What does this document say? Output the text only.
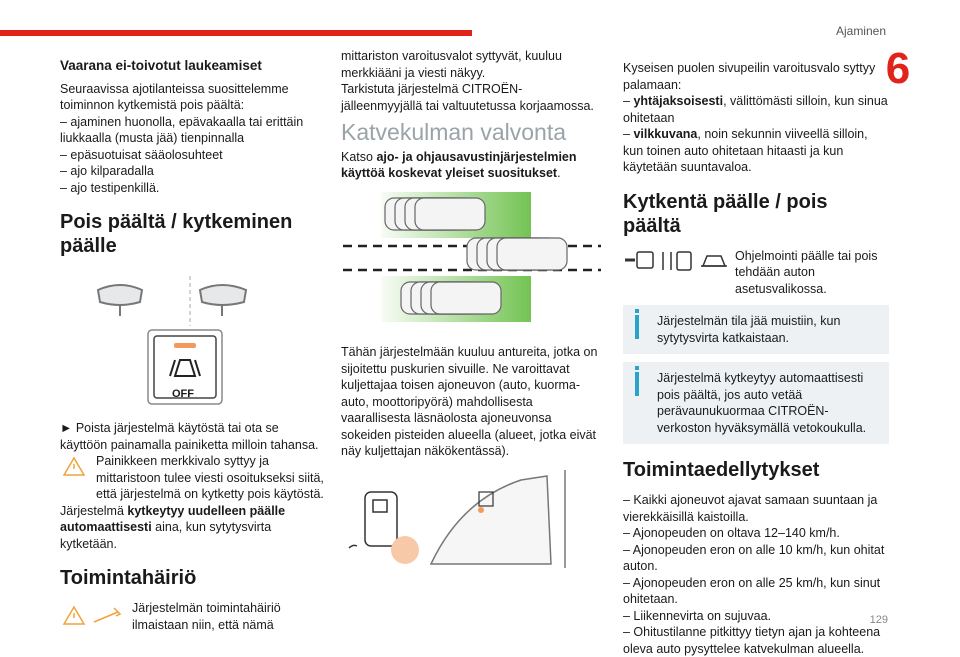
Ajaminen
6
129
Vaarana ei-toivotut laukeamiset

Seuraavissa ajotilanteissa suosittelemme toiminnon kytkemistä pois päältä:

– ajaminen huonolla, epävakaalla tai erittäin liukkaalla (musta jää) tienpinnalla

– epäsuotuisat sääolosuhteet

– ajo kilparadalla

– ajo testipenkillä.

Pois päältä / kytkeminen päälle
OFF

► Poista järjestelmä käytöstä tai ota se käyttöön painamalla painiketta milloin tahansa.

Painikkeen merkkivalo syttyy ja mittaristoon tulee viesti osoitukseksi siitä, että järjestelmä on kytketty pois käytöstä.

Järjestelmä kytkeytyy uudelleen päälle automaattisesti aina, kun sytytysvirta kytketään.

Toimintahäiriö

Järjestelmän toimintahäiriö ilmaistaan niin, että nämä

mittariston varoitusvalot syttyvät, kuuluu merkkiääni ja viesti näkyy.

Tarkistuta järjestelmä CITROËN-jälleenmyyjällä tai valtuutetussa korjaamossa.

Katvekulman valvonta

Katso ajo- ja ohjausavustinjärjestelmien käyttöä koskevat yleiset suositukset.

Tähän järjestelmään kuuluu antureita, jotka on sijoitettu puskurien sivuille. Ne varoittavat kuljettajaa toisen ajoneuvon (auto, kuorma-auto, moottoripyörä) mahdollisesta vaarallisesta läsnäolosta ajoneuvonsa sokeiden pisteiden alueella (alueet, jotka eivät näy kuljettajan näkökentässä).

Kyseisen puolen sivupeilin varoitusvalo syttyy palamaan:

– yhtäjaksoisesti, välittömästi silloin, kun sinua ohitetaan

– vilkkuvana, noin sekunnin viiveellä silloin, kun toinen auto ohitetaan hitaasti ja kun käytetään suuntavaloa.

Kytkentä päälle / pois päältä

Ohjelmointi päälle tai pois tehdään auton asetusvalikossa.

Järjestelmän tila jää muistiin, kun sytytysvirta katkaistaan.

Järjestelmä kytkeytyy automaattisesti pois päältä, jos auto vetää perävaunukuormaa CITROËN-verkoston hyväksymällä vetokoukulla.

Toimintaedellytykset

– Kaikki ajoneuvot ajavat samaan suuntaan ja vierekkäisillä kaistoilla.

– Ajonopeuden on oltava 12–140 km/h.

– Ajonopeuden eron on alle 10 km/h, kun ohitat auton.

– Ajonopeuden eron on alle 25 km/h, kun sinut ohitetaan.

– Liikennevirta on sujuvaa.

– Ohitustilanne pitkittyy tietyn ajan ja kohteena oleva auto pysyttelee katvekulman alueella.
